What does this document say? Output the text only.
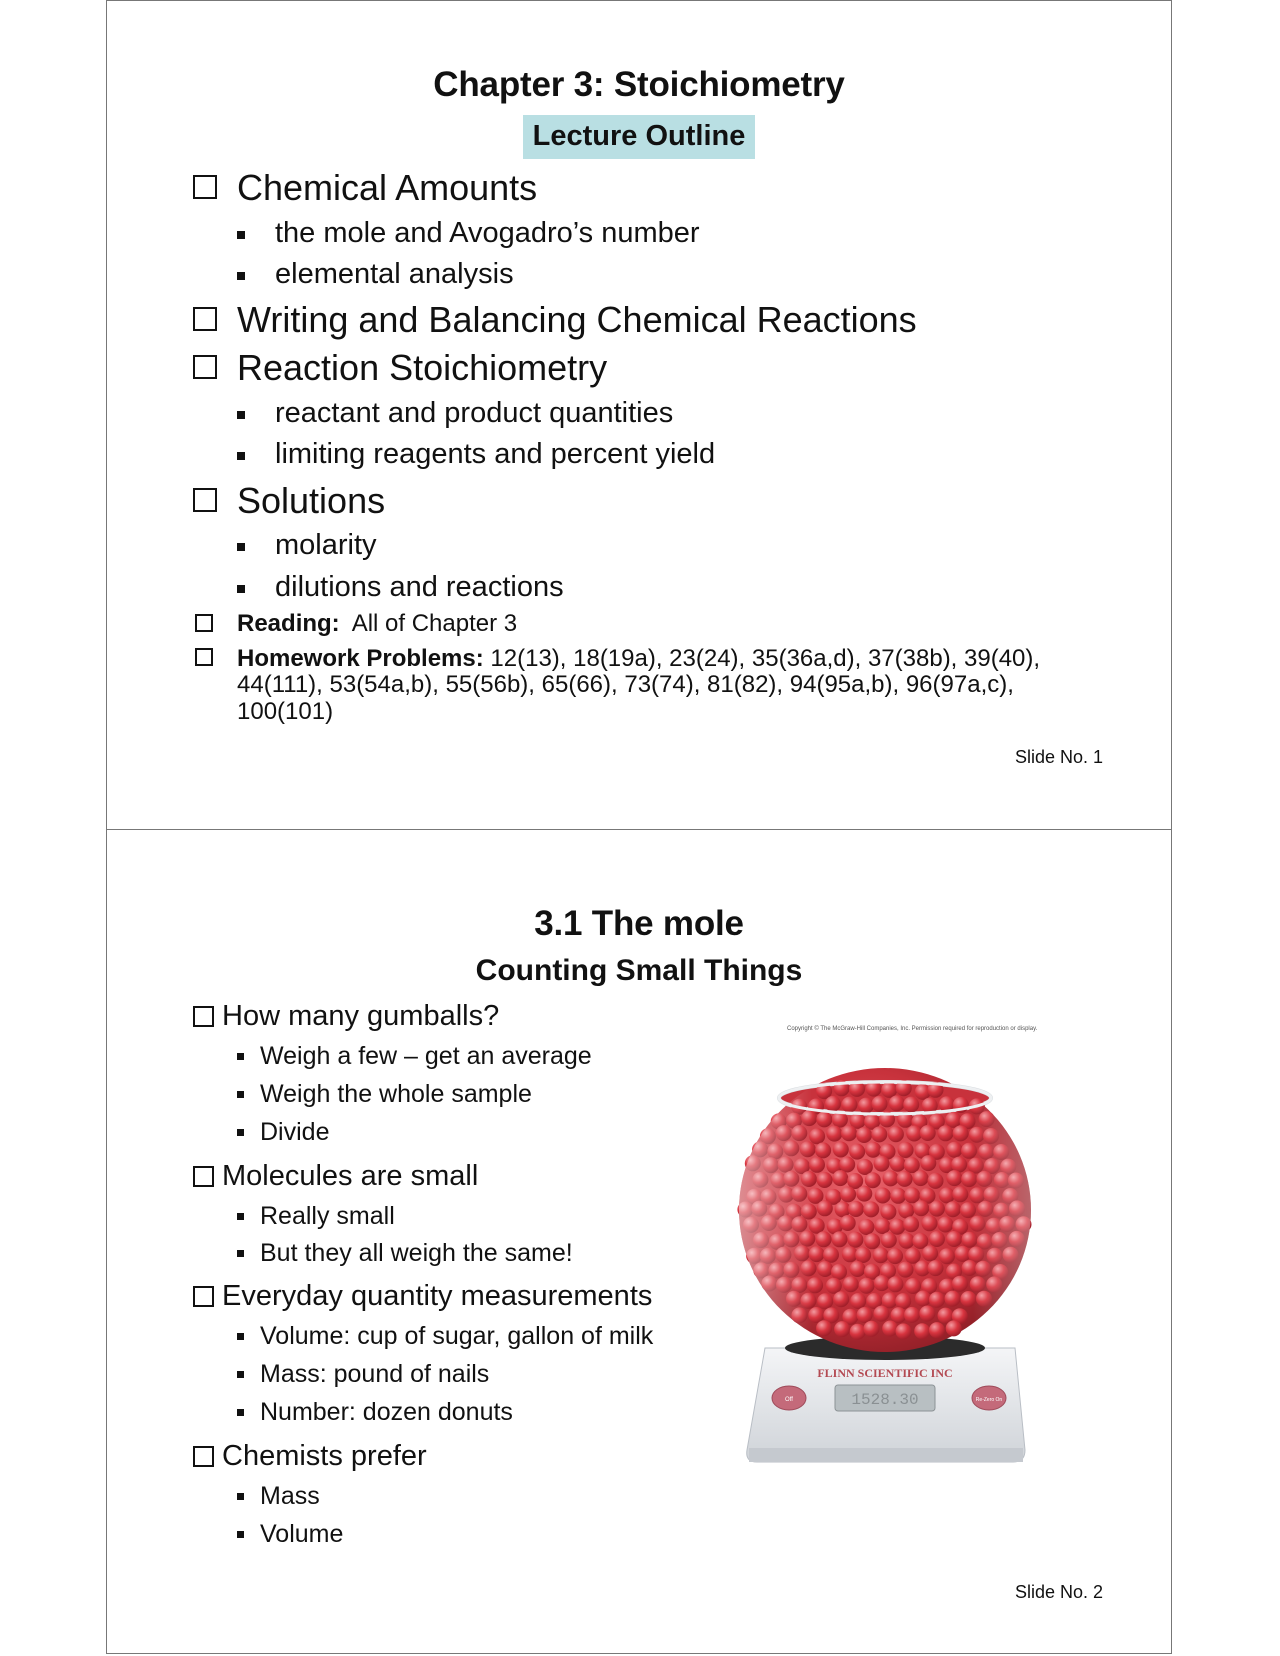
Chapter 3: Stoichiometry
Lecture Outline
Chemical Amounts
the mole and Avogadro’s number
elemental analysis
Writing and Balancing Chemical Reactions
Reaction Stoichiometry
reactant and product quantities
limiting reagents and percent yield
Solutions
molarity
dilutions and reactions
Reading: All of Chapter 3
Homework Problems: 12(13), 18(19a), 23(24), 35(36a,d), 37(38b), 39(40),
44(111), 53(54a,b), 55(56b), 65(66), 73(74), 81(82), 94(95a,b), 96(97a,c),
100(101)
Slide No. 1
3.1 The mole
Counting Small Things
How many gumballs?
Weigh a few – get an average
Weigh the whole sample
Divide
Molecules are small
Really small
But they all weigh the same!
Everyday quantity measurements
Volume: cup of sugar, gallon of milk
Mass: pound of nails
Number: dozen donuts
Chemists prefer
Mass
Volume
Copyright © The McGraw-Hill Companies, Inc. Permission required for reproduction or display.
FLINN SCIENTIFIC INC
1528.30
Off	Re-Zero On
Slide No. 2
